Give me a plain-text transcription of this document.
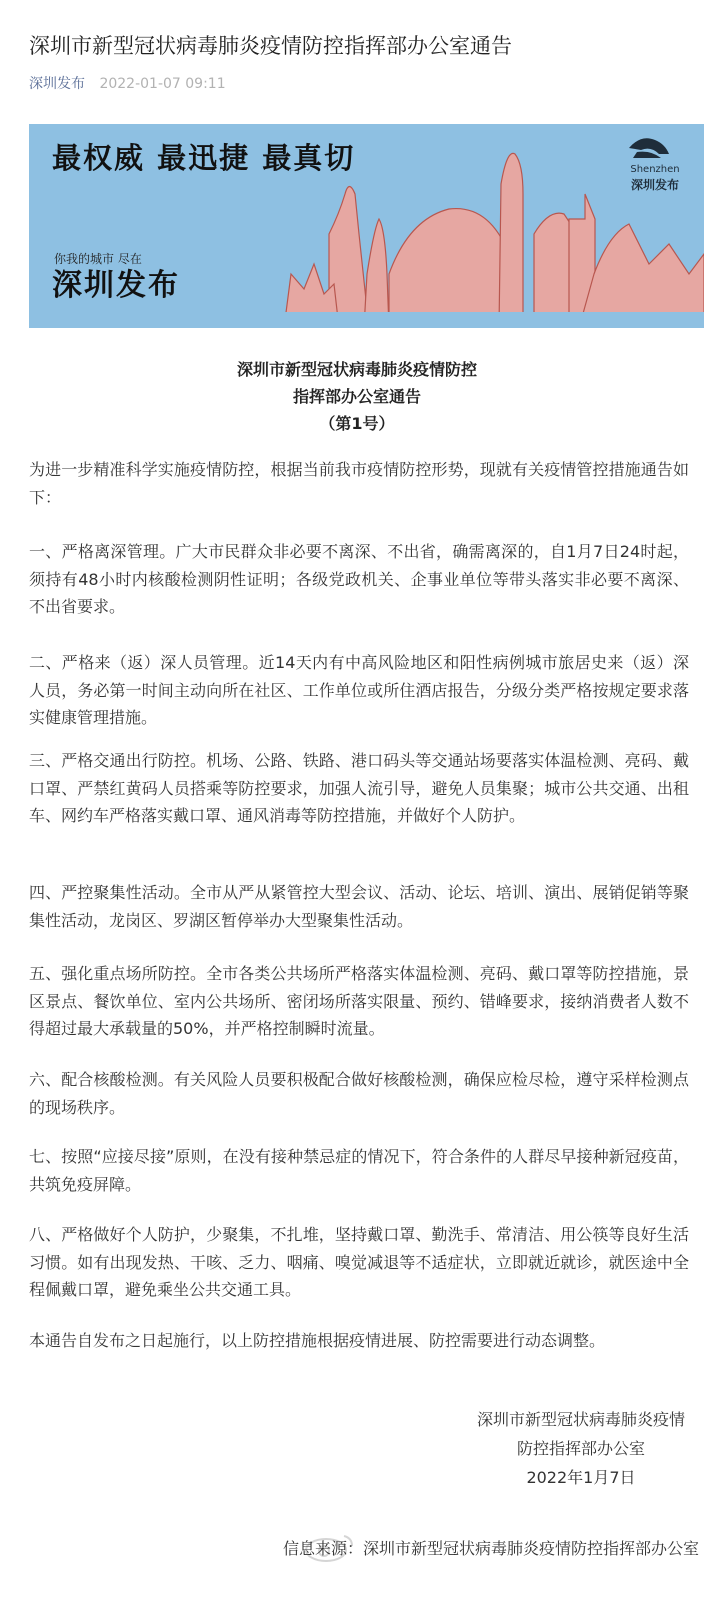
深圳市新型冠状病毒肺炎疫情防控指挥部办公室通告
深圳发布 2022-01-07 09:11
最权威 最迅捷 最真切
你我的城市 尽在
深圳发布
Shenzhen
深圳发布
深圳市新型冠状病毒肺炎疫情防控
指挥部办公室通告
（第1号）

为进一步精准科学实施疫情防控，根据当前我市疫情防控形势，现就有关疫情管控措施通告如下：

一、严格离深管理。广大市民群众非必要不离深、不出省，确需离深的，自1月7日24时起，须持有48小时内核酸检测阴性证明；各级党政机关、企事业单位等带头落实非必要不离深、不出省要求。

二、严格来（返）深人员管理。近14天内有中高风险地区和阳性病例城市旅居史来（返）深人员，务必第一时间主动向所在社区、工作单位或所住酒店报告，分级分类严格按规定要求落实健康管理措施。

三、严格交通出行防控。机场、公路、铁路、港口码头等交通站场要落实体温检测、亮码、戴口罩、严禁红黄码人员搭乘等防控要求，加强人流引导，避免人员集聚；城市公共交通、出租车、网约车严格落实戴口罩、通风消毒等防控措施，并做好个人防护。

四、严控聚集性活动。全市从严从紧管控大型会议、活动、论坛、培训、演出、展销促销等聚集性活动，龙岗区、罗湖区暂停举办大型聚集性活动。

五、强化重点场所防控。全市各类公共场所严格落实体温检测、亮码、戴口罩等防控措施，景区景点、餐饮单位、室内公共场所、密闭场所落实限量、预约、错峰要求，接纳消费者人数不得超过最大承载量的50%，并严格控制瞬时流量。

六、配合核酸检测。有关风险人员要积极配合做好核酸检测，确保应检尽检，遵守采样检测点的现场秩序。

七、按照“应接尽接”原则，在没有接种禁忌症的情况下，符合条件的人群尽早接种新冠疫苗，共筑免疫屏障。

八、严格做好个人防护，少聚集，不扎堆，坚持戴口罩、勤洗手、常清洁、用公筷等良好生活习惯。如有出现发热、干咳、乏力、咽痛、嗅觉减退等不适症状，立即就近就诊，就医途中全程佩戴口罩，避免乘坐公共交通工具。

本通告自发布之日起施行，以上防控措施根据疫情进展、防控需要进行动态调整。

深圳市新型冠状病毒肺炎疫情
防控指挥部办公室
2022年1月7日
信息来源：深圳市新型冠状病毒肺炎疫情防控指挥部办公室
